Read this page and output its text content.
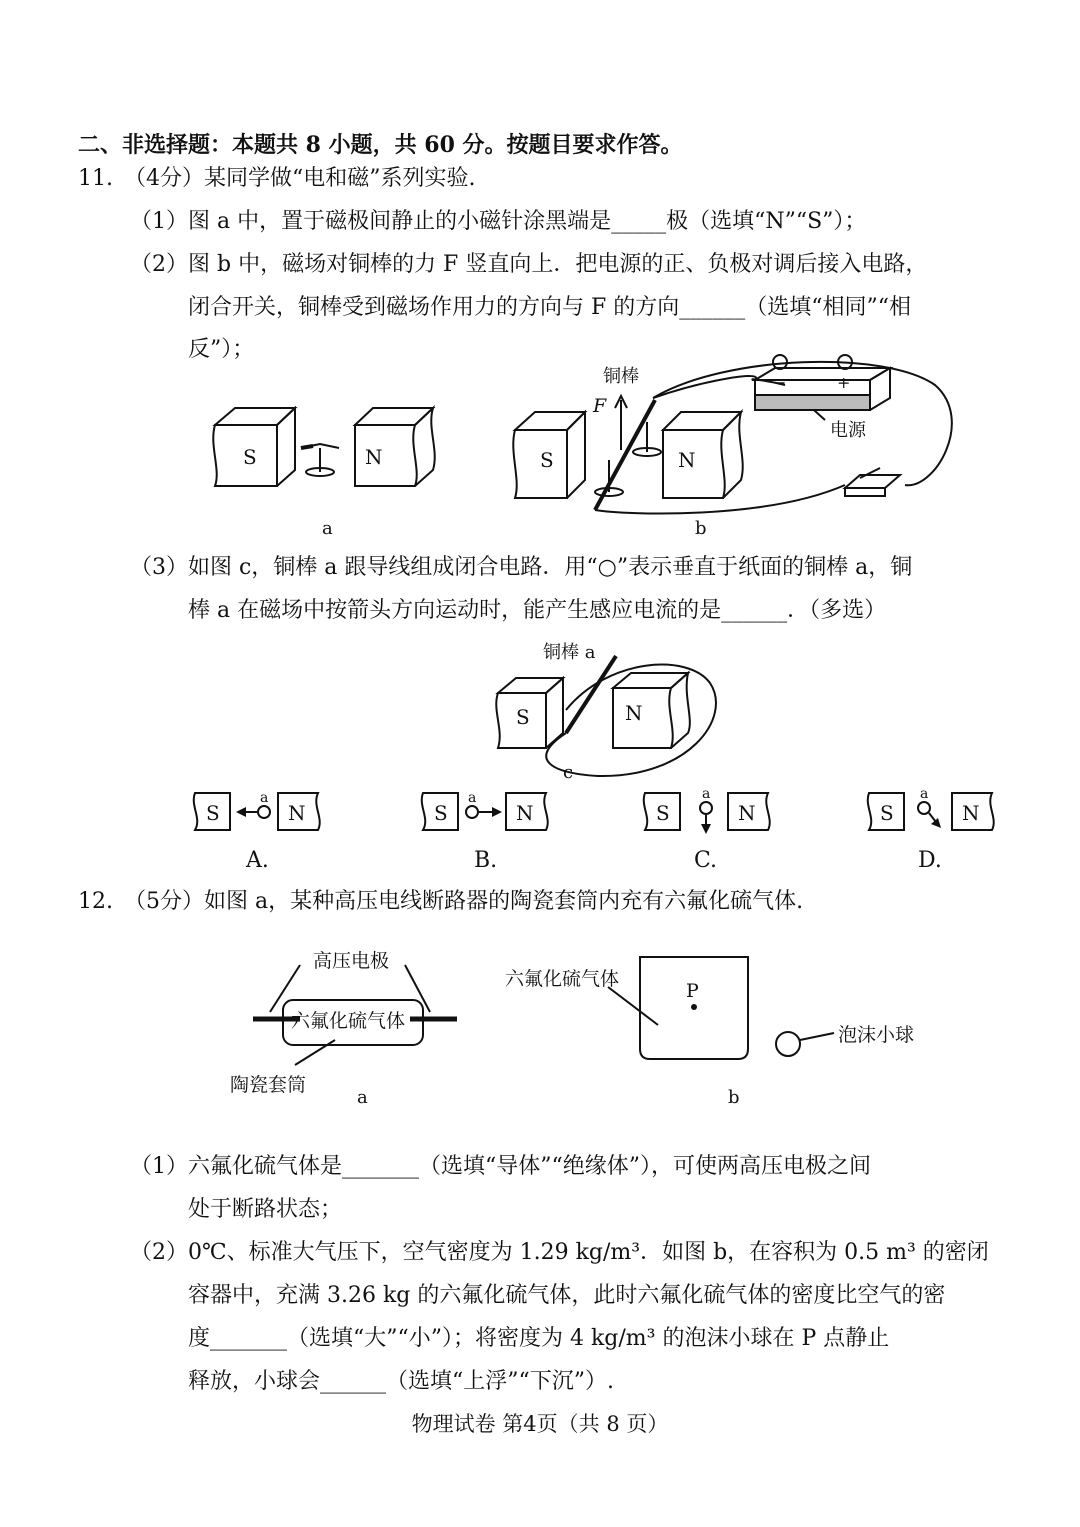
二、非选择题：本题共 8 小题，共 60 分。按题目要求作答。
11.　（4分）某同学做“电和磁”系列实验.
（1）图 a 中，置于磁极间静止的小磁针涂黑端是_____极（选填“N”“S”）；
（2）图 b 中，磁场对铜棒的力 F 竖直向上．把电源的正、负极对调后接入电路，
闭合开关，铜棒受到磁场作用力的方向与 F 的方向______（选填“相同”“相
反”）；
S	N
a
S	N
铜棒
F
电源
−	+
b
（3）如图 c，铜棒 a 跟导线组成闭合电路．用“○”表示垂直于纸面的铜棒 a，铜
棒 a 在磁场中按箭头方向运动时，能产生感应电流的是______．（多选）
S	N
铜棒 a
c
S	N
a
A.
S	N
a
B.
S	N
a
C.
S	N
a
D.
12.　（5分）如图 a，某种高压电线断路器的陶瓷套筒内充有六氟化硫气体.
高压电极
六氟化硫气体
陶瓷套筒
a
六氟化硫气体
P
泡沫小球
b
（1）六氟化硫气体是_______（选填“导体”“绝缘体”），可使两高压电极之间
处于断路状态；
（2）0℃、标准大气压下，空气密度为 1.29 kg/m³．如图 b，在容积为 0.5 m³ 的密闭
容器中，充满 3.26 kg 的六氟化硫气体，此时六氟化硫气体的密度比空气的密
度_______（选填“大”“小”）；将密度为 4 kg/m³ 的泡沫小球在 P 点静止
释放，小球会______（选填“上浮”“下沉”）.
物理试卷 第4页（共 8 页）
